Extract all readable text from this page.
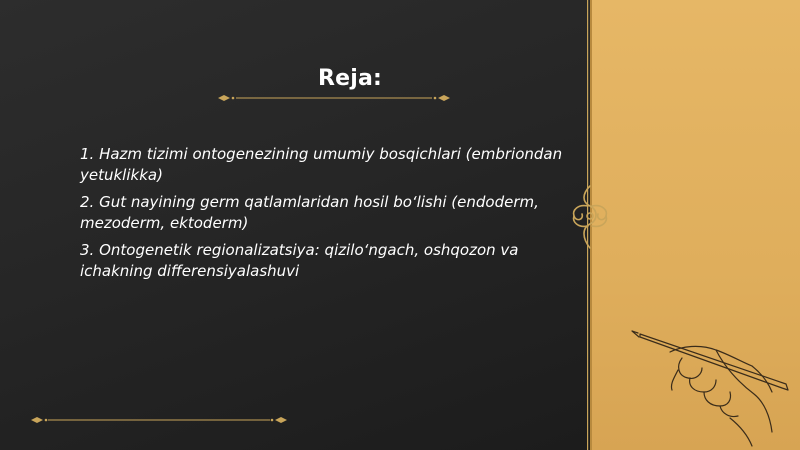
Reja:
1. Hazm tizimi ontogenezining umumiy bosqichlari (embriondan yetuklikka)
2. Gut nayining germ qatlamlaridan hosil bo‘lishi (endoderm, mezoderm, ektoderm)
3. Ontogenetik regionalizatsiya: qizilo‘ngach, oshqozon va ichakning differensiyalashuvi
